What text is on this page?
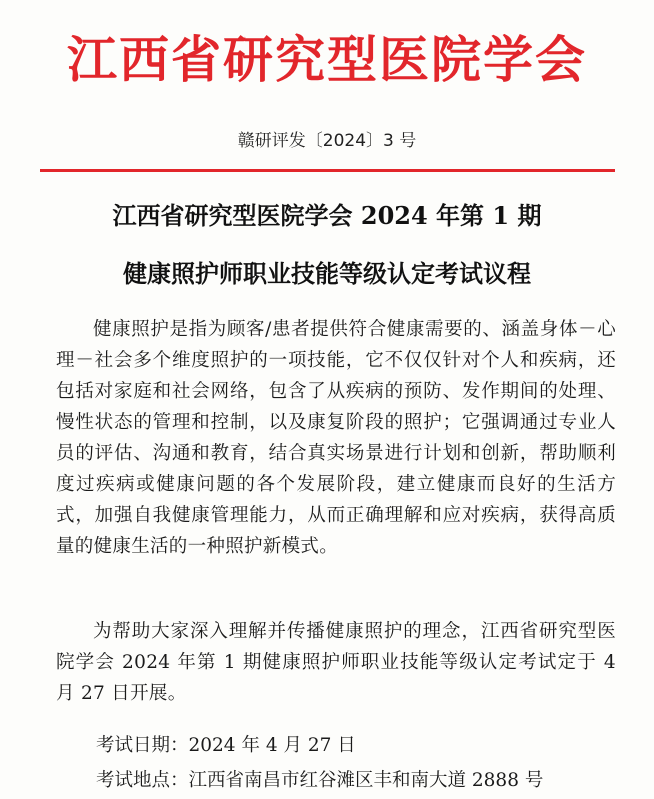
江西省研究型医院学会
赣研评发〔2024〕3 号
江西省研究型医院学会 2024 年第 1 期
健康照护师职业技能等级认定考试议程

健康照护是指为顾客/患者提供符合健康需要的、涵盖身体－心理－社会多个维度照护的一项技能，它不仅仅针对个人和疾病，还包括对家庭和社会网络，包含了从疾病的预防、发作期间的处理、慢性状态的管理和控制，以及康复阶段的照护；它强调通过专业人员的评估、沟通和教育，结合真实场景进行计划和创新，帮助顺利度过疾病或健康问题的各个发展阶段，建立健康而良好的生活方式，加强自我健康管理能力，从而正确理解和应对疾病，获得高质量的健康生活的一种照护新模式。

为帮助大家深入理解并传播健康照护的理念，江西省研究型医院学会 2024 年第 1 期健康照护师职业技能等级认定考试定于 4 月 27 日开展。

考试日期：2024 年 4 月 27 日
考试地点：江西省南昌市红谷滩区丰和南大道 2888 号
